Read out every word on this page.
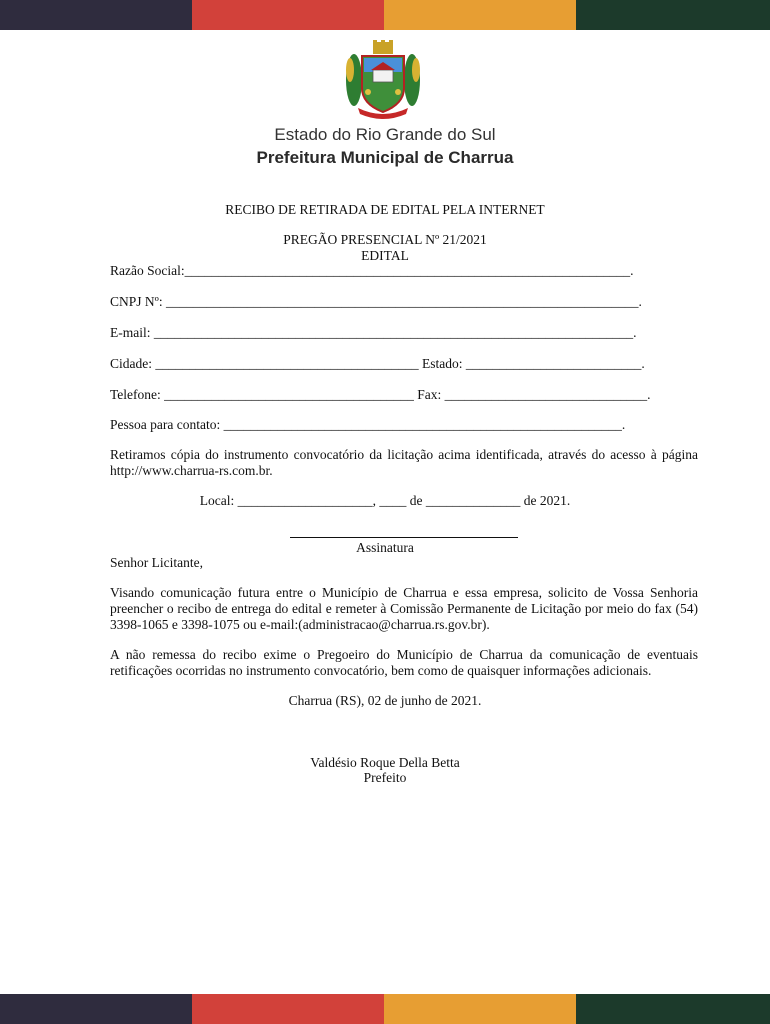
Estado do Rio Grande do Sul
Prefeitura Municipal de Charrua
RECIBO DE RETIRADA DE EDITAL PELA INTERNET
PREGÃO PRESENCIAL Nº 21/2021
EDITAL
Razão Social:__________________________________________________________________.
CNPJ Nº: ______________________________________________________________________.
E-mail: _______________________________________________________________________.
Cidade: _______________________________________ Estado: __________________________.
Telefone: _____________________________________ Fax: ______________________________.
Pessoa para contato: ___________________________________________________________.
Retiramos cópia do instrumento convocatório da licitação acima identificada, através do acesso à página http://www.charrua-rs.com.br.
Local: ____________________, ____ de ______________ de 2021.
Assinatura
Senhor Licitante,
Visando comunicação futura entre o Município de Charrua e essa empresa, solicito de Vossa Senhoria preencher o recibo de entrega do edital e remeter à Comissão Permanente de Licitação por meio do fax (54) 3398-1065 e 3398-1075 ou e-mail:(administracao@charrua.rs.gov.br).
A não remessa do recibo exime o Pregoeiro do Município de Charrua da comunicação de eventuais retificações ocorridas no instrumento convocatório, bem como de quaisquer informações adicionais.
Charrua (RS), 02 de junho de 2021.
Valdésio Roque Della Betta
Prefeito
